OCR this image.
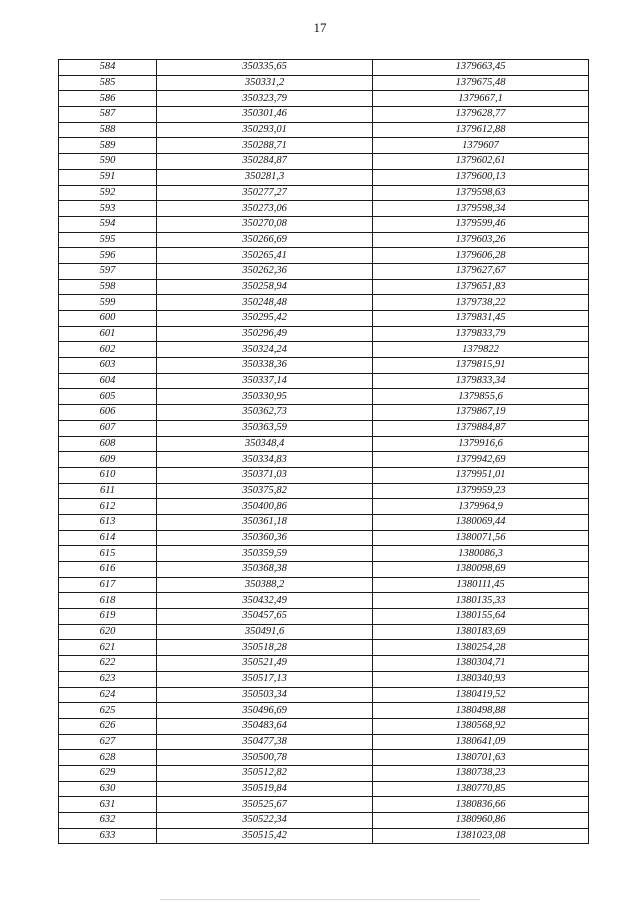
17
584	350335,65	1379663,45
585	350331,2	1379675,48
586	350323,79	1379667,1
587	350301,46	1379628,77
588	350293,01	1379612,88
589	350288,71	1379607
590	350284,87	1379602,61
591	350281,3	1379600,13
592	350277,27	1379598,63
593	350273,06	1379598,34
594	350270,08	1379599,46
595	350266,69	1379603,26
596	350265,41	1379606,28
597	350262,36	1379627,67
598	350258,94	1379651,83
599	350248,48	1379738,22
600	350295,42	1379831,45
601	350296,49	1379833,79
602	350324,24	1379822
603	350338,36	1379815,91
604	350337,14	1379833,34
605	350330,95	1379855,6
606	350362,73	1379867,19
607	350363,59	1379884,87
608	350348,4	1379916,6
609	350334,83	1379942,69
610	350371,03	1379951,01
611	350375,82	1379959,23
612	350400,86	1379964,9
613	350361,18	1380069,44
614	350360,36	1380071,56
615	350359,59	1380086,3
616	350368,38	1380098,69
617	350388,2	1380111,45
618	350432,49	1380135,33
619	350457,65	1380155,64
620	350491,6	1380183,69
621	350518,28	1380254,28
622	350521,49	1380304,71
623	350517,13	1380340,93
624	350503,34	1380419,52
625	350496,69	1380498,88
626	350483,64	1380568,92
627	350477,38	1380641,09
628	350500,78	1380701,63
629	350512,82	1380738,23
630	350519,84	1380770,85
631	350525,67	1380836,66
632	350522,34	1380960,86
633	350515,42	1381023,08
